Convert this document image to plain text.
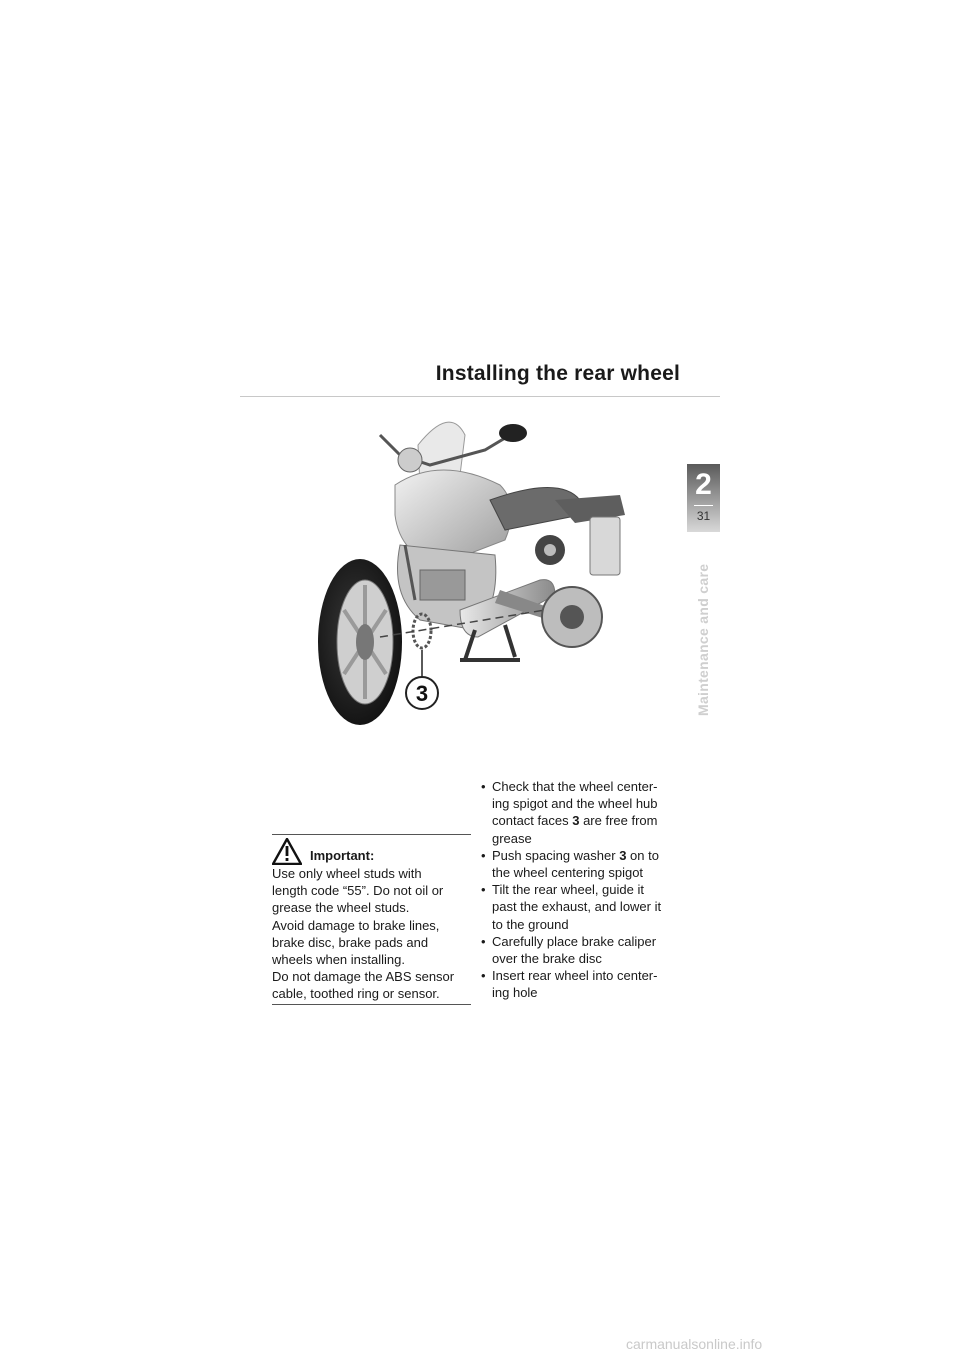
Installing the rear wheel
2
31
Maintenance and care
3
Important:
Use only wheel studs with
length code “55”. Do not oil or
grease the wheel studs.
Avoid damage to brake lines,
brake disc, brake pads and
wheels when installing.
Do not damage the ABS sensor
cable, toothed ring or sensor.
• Check that the wheel center-
ing spigot and the wheel hub
contact faces 3 are free from
grease
• Push spacing washer 3 on to
the wheel centering spigot
• Tilt the rear wheel, guide it
past the exhaust, and lower it
to the ground
• Carefully place brake caliper
over the brake disc
• Insert rear wheel into center-
ing hole
carmanualsonline.info
